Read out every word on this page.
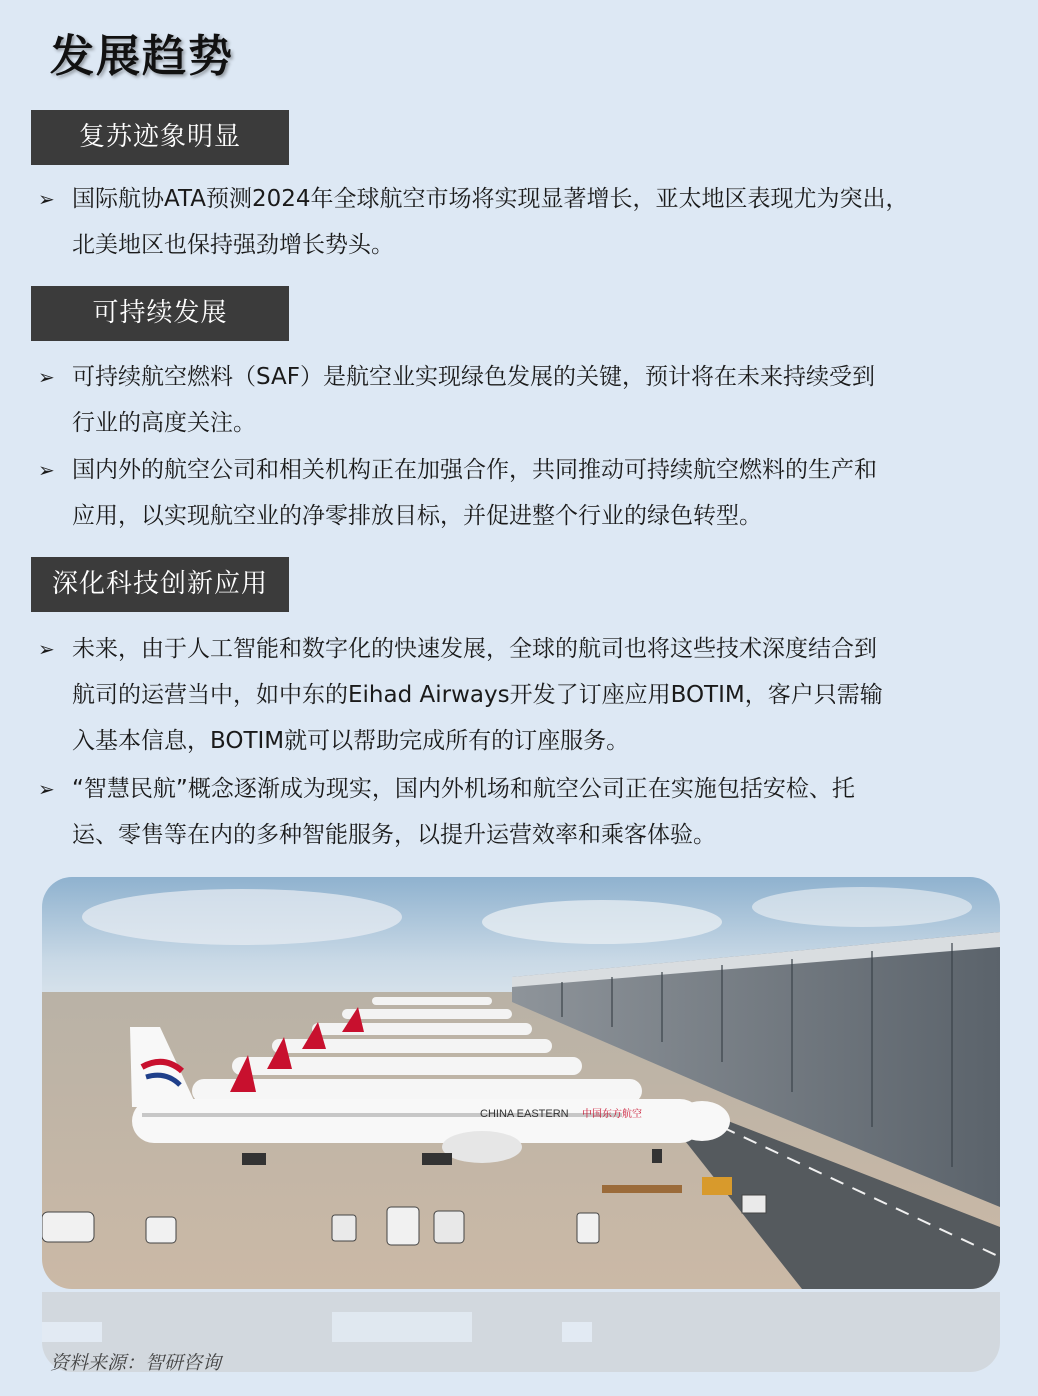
发展趋势
复苏迹象明显
➢ 国际航协ATA预测2024年全球航空市场将实现显著增长，亚太地区表现尤为突出，
北美地区也保持强劲增长势头。
可持续发展
➢ 可持续航空燃料（SAF）是航空业实现绿色发展的关键，预计将在未来持续受到
行业的高度关注。
➢ 国内外的航空公司和相关机构正在加强合作，共同推动可持续航空燃料的生产和
应用，以实现航空业的净零排放目标，并促进整个行业的绿色转型。
深化科技创新应用
➢ 未来，由于人工智能和数字化的快速发展，全球的航司也将这些技术深度结合到
航司的运营当中，如中东的Eihad Airways开发了订座应用BOTIM，客户只需输
入基本信息，BOTIM就可以帮助完成所有的订座服务。
➢ “智慧民航”概念逐渐成为现实，国内外机场和航空公司正在实施包括安检、托
运、零售等在内的多种智能服务，以提升运营效率和乘客体验。
CHINA EASTERN 中国东方航空
资料来源：智研咨询
